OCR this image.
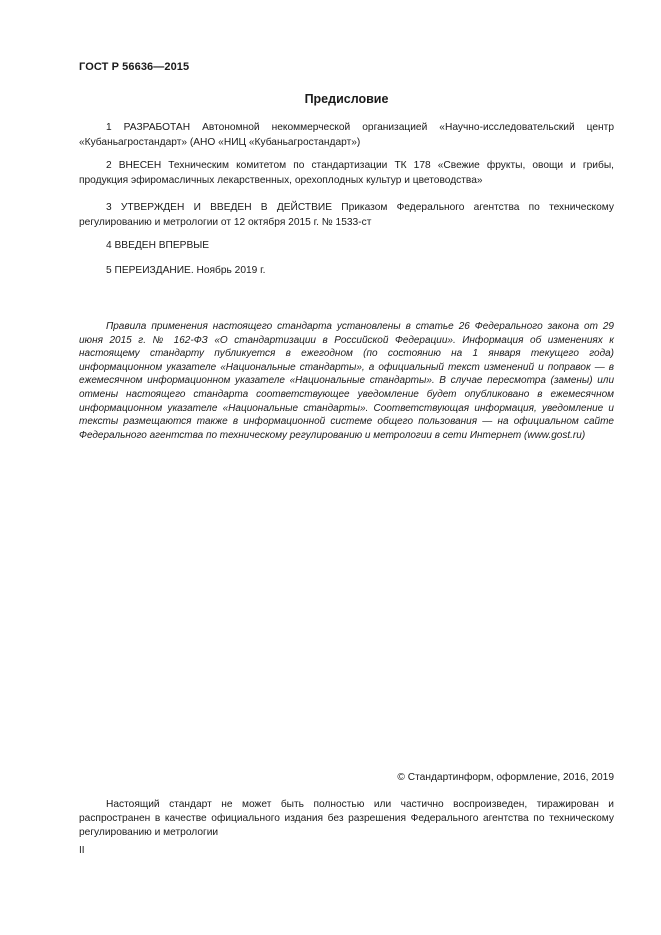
ГОСТ Р 56636—2015
Предисловие
1 РАЗРАБОТАН Автономной некоммерческой организацией «Научно-исследовательский центр «Кубаньагростандарт» (АНО «НИЦ «Кубаньагростандарт»)
2 ВНЕСЕН Техническим комитетом по стандартизации ТК 178 «Свежие фрукты, овощи и грибы, продукция эфиромасличных лекарственных, орехоплодных культур и цветоводства»
3 УТВЕРЖДЕН И ВВЕДЕН В ДЕЙСТВИЕ Приказом Федерального агентства по техническому регулированию и метрологии от 12 октября 2015 г. № 1533-ст
4 ВВЕДЕН ВПЕРВЫЕ
5 ПЕРЕИЗДАНИЕ. Ноябрь 2019 г.
Правила применения настоящего стандарта установлены в статье 26 Федерального закона от 29 июня 2015 г. № 162-ФЗ «О стандартизации в Российской Федерации». Информация об изменениях к настоящему стандарту публикуется в ежегодном (по состоянию на 1 января текущего года) информационном указателе «Национальные стандарты», а официальный текст изменений и поправок — в ежемесячном информационном указателе «Национальные стандарты». В случае пересмотра (замены) или отмены настоящего стандарта соответствующее уведомление будет опубликовано в ежемесячном информационном указателе «Национальные стандарты». Соответствующая информация, уведомление и тексты размещаются также в информационной системе общего пользования — на официальном сайте Федерального агентства по техническому регулированию и метрологии в сети Интернет (www.gost.ru)
© Стандартинформ, оформление, 2016, 2019
Настоящий стандарт не может быть полностью или частично воспроизведен, тиражирован и распространен в качестве официального издания без разрешения Федерального агентства по техническому регулированию и метрологии
II
